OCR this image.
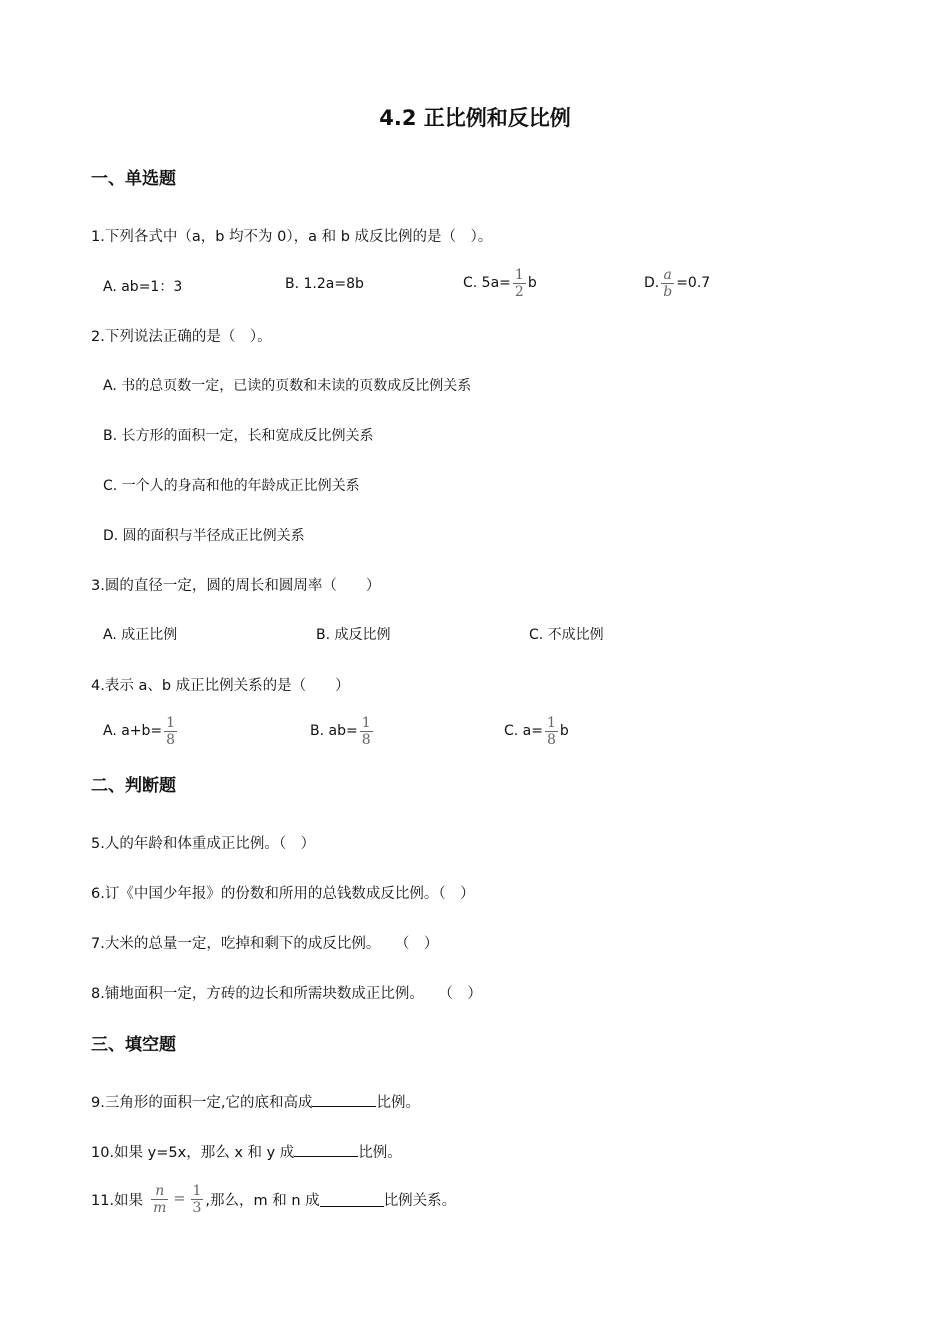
4.2 正比例和反比例
一、单选题
1.下列各式中（a，b 均不为 0），a 和 b 成反比例的是（　）。
A. ab=1：3	B. 1.2a=8b	C. $5a= \frac{1}{2}$ b	D. $\frac{a}{b} =0.7$
2.下列说法正确的是（　）。
A. 书的总页数一定，已读的页数和未读的页数成反比例关系
B. 长方形的面积一定，长和宽成反比例关系
C. 一个人的身高和他的年龄成正比例关系
D. 圆的面积与半径成正比例关系
3.圆的直径一定，圆的周长和圆周率（　　）
A. 成正比例	B. 成反比例	C. 不成比例
4.表示 a、b 成正比例关系的是（　　）
A. $a+b= \frac{1}{8}$	B. $ab= \frac{1}{8}$	C. $a= \frac{1}{8}$ b
二、判断题
5.人的年龄和体重成正比例。（　）
6.订《中国少年报》的份数和所用的总钱数成反比例。（　）
7.大米的总量一定，吃掉和剩下的成反比例。　　（　）
8.铺地面积一定，方砖的边长和所需块数成正比例。　　（　）
三、填空题
9.三角形的面积一定,它的底和高成	比例。
10.如果 y=5x，那么 x 和 y 成	比例。
11.如果 $\frac{n}{m} = \frac{1}{3}$ ,那么，m 和 n 成	比例关系。
